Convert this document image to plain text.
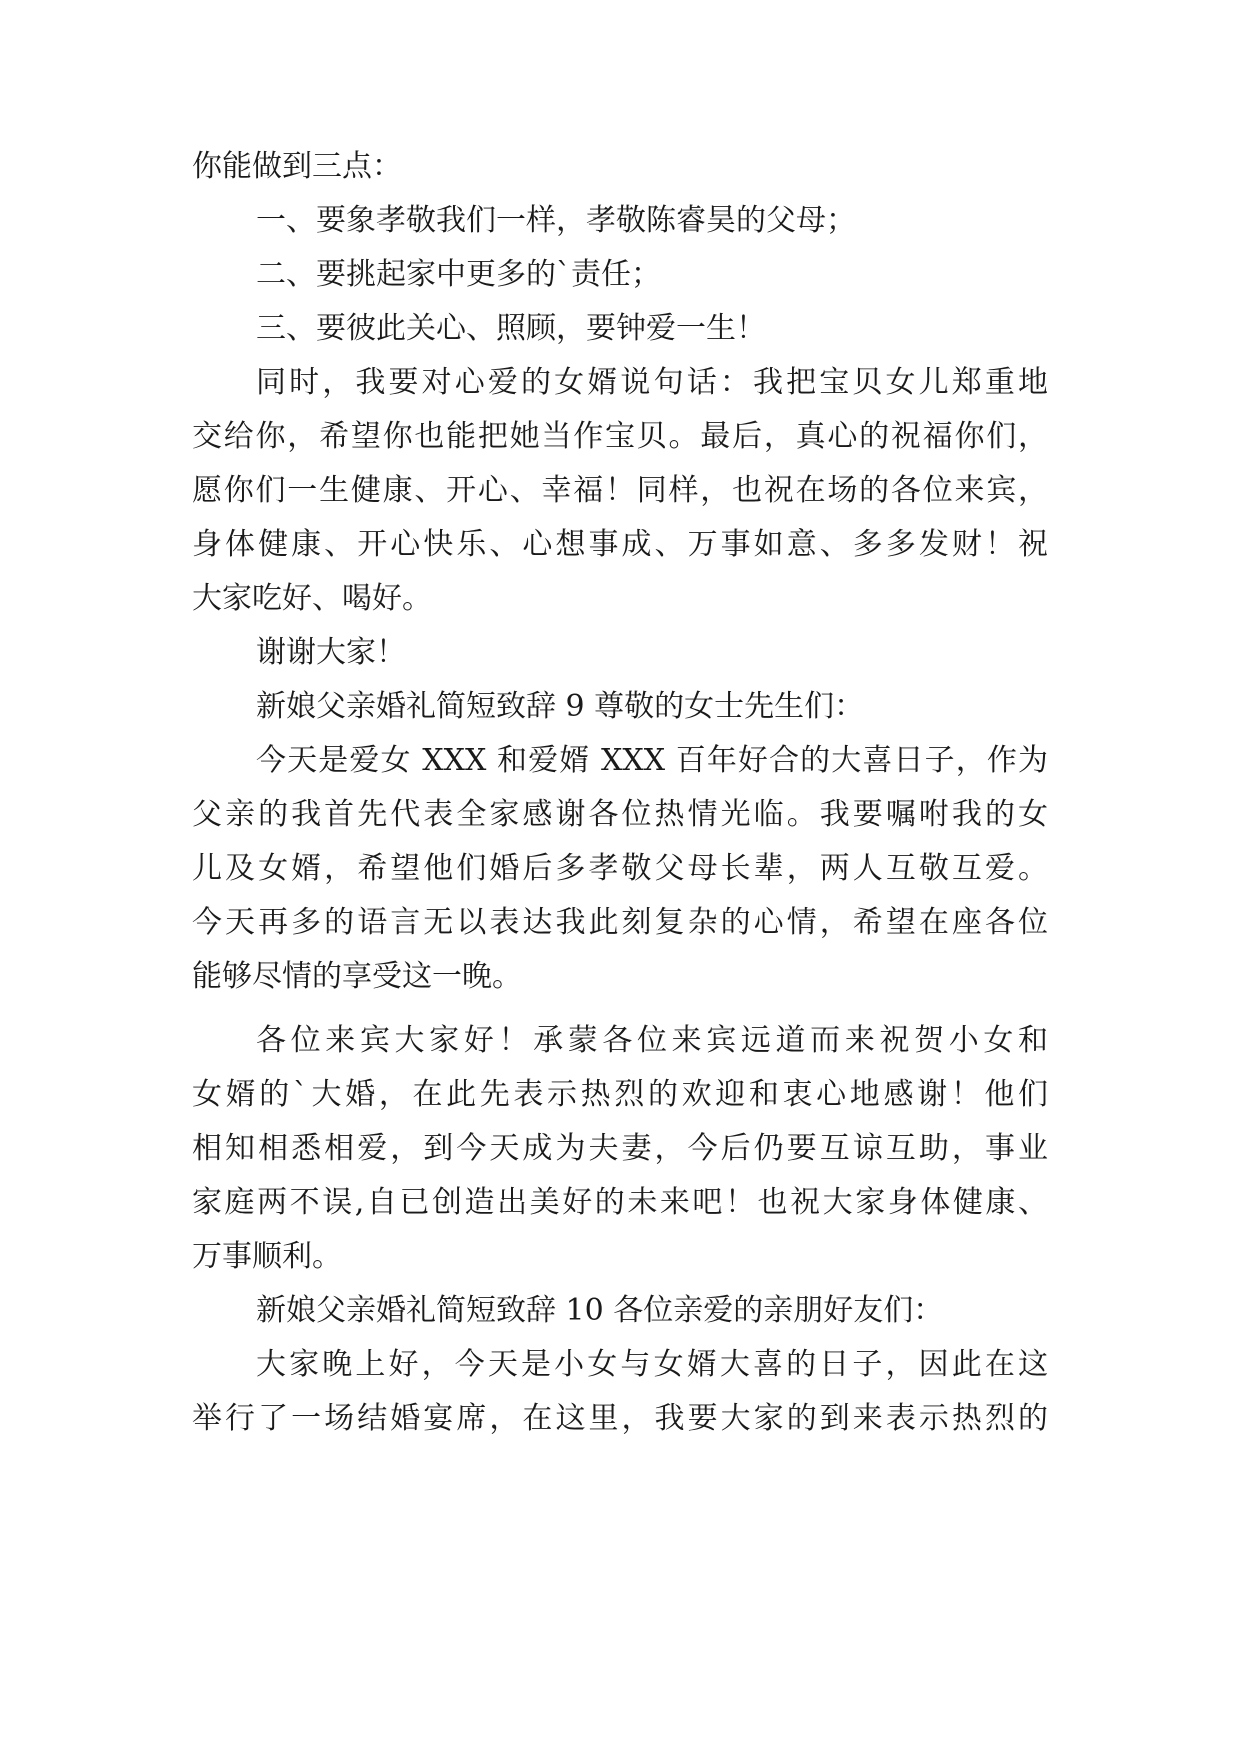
你能做到三点：

一、要象孝敬我们一样，孝敬陈睿昊的父母；

二、要挑起家中更多的`责任；

三、要彼此关心、照顾，要钟爱一生！

同时，我要对心爱的女婿说句话：我把宝贝女儿郑重地

交给你，希望你也能把她当作宝贝。最后，真心的祝福你们，

愿你们一生健康、开心、幸福！同样，也祝在场的各位来宾，

身体健康、开心快乐、心想事成、万事如意、多多发财！祝

大家吃好、喝好。

谢谢大家！

新娘父亲婚礼简短致辞 9 尊敬的女士先生们：

今天是爱女 XXX 和爱婿 XXX 百年好合的大喜日子，作为

父亲的我首先代表全家感谢各位热情光临。我要嘱咐我的女

儿及女婿，希望他们婚后多孝敬父母长辈，两人互敬互爱。

今天再多的语言无以表达我此刻复杂的心情，希望在座各位

能够尽情的享受这一晚。

各位来宾大家好！承蒙各位来宾远道而来祝贺小女和

女婿的`大婚，在此先表示热烈的欢迎和衷心地感谢！他们

相知相悉相爱，到今天成为夫妻，今后仍要互谅互助，事业

家庭两不误,自已创造出美好的未来吧！也祝大家身体健康、

万事顺利。

新娘父亲婚礼简短致辞 10 各位亲爱的亲朋好友们：

大家晚上好，今天是小女与女婿大喜的日子，因此在这

举行了一场结婚宴席，在这里，我要大家的到来表示热烈的
